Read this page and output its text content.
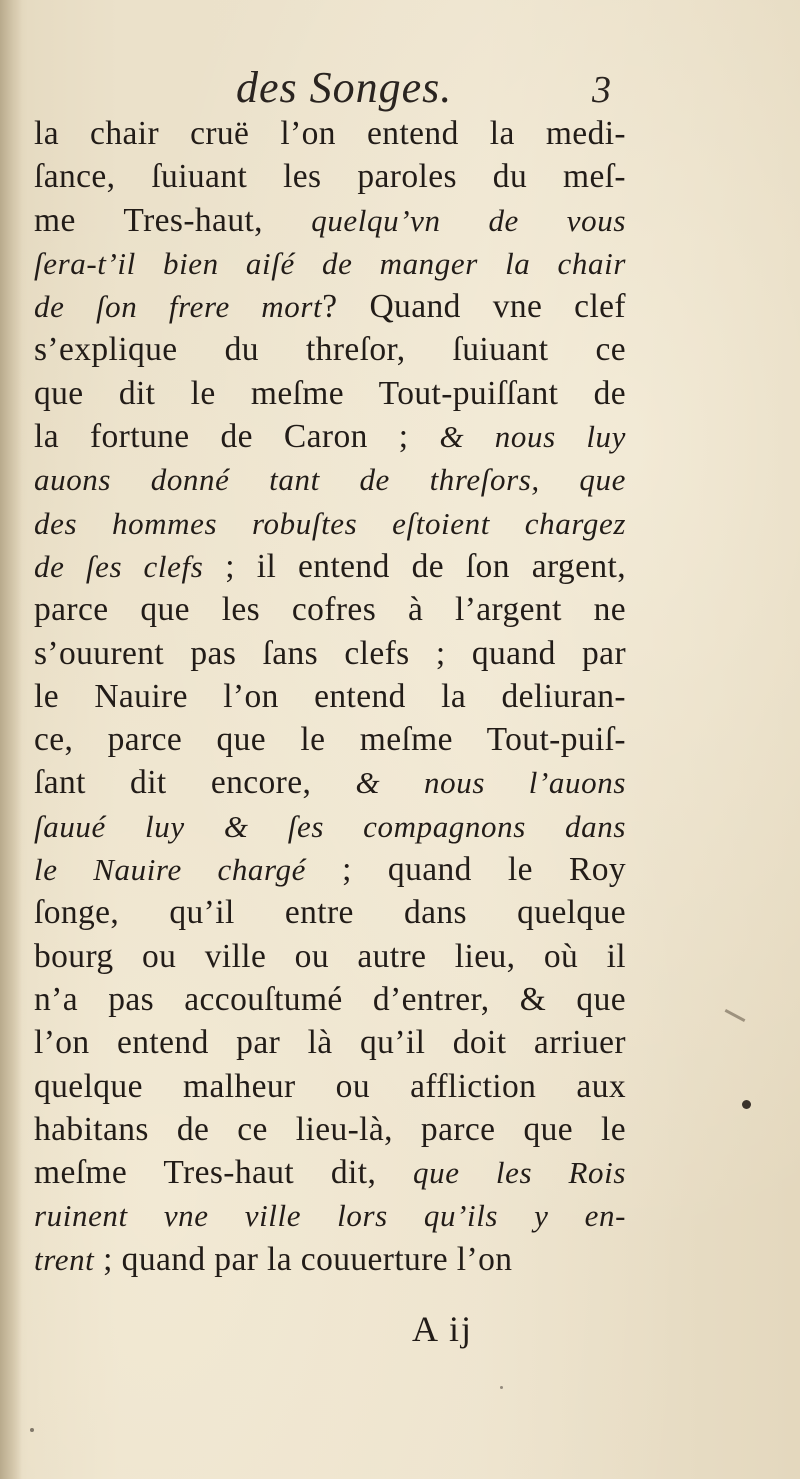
des Songes.	3
la chair cruë l’on entend la medi-
ſance, ſuiuant les paroles du meſ-
me Tres-haut, quelqu’vn de vous
ſera-t’il bien aiſé de manger la chair
de ſon frere mort? Quand vne clef
s’explique du threſor, ſuiuant ce
que dit le meſme Tout-puiſſant de
la fortune de Caron ; & nous luy
auons donné tant de threſors, que
des hommes robuſtes eſtoient chargez
de ſes clefs ; il entend de ſon argent,
parce que les cofres à l’argent ne
s’ouurent pas ſans clefs ; quand par
le Nauire l’on entend la deliuran-
ce, parce que le meſme Tout-puiſ-
ſant dit encore, & nous l’auons
ſauué luy & ſes compagnons dans
le Nauire chargé ; quand le Roy
ſonge, qu’il entre dans quelque
bourg ou ville ou autre lieu, où il
n’a pas accouſtumé d’entrer, & que
l’on entend par là qu’il doit arriuer
quelque malheur ou affliction aux
habitans de ce lieu-là, parce que le
meſme Tres-haut dit, que les Rois
ruinent vne ville lors qu’ils y en-
trent ; quand par la couuerture l’on
A ij
